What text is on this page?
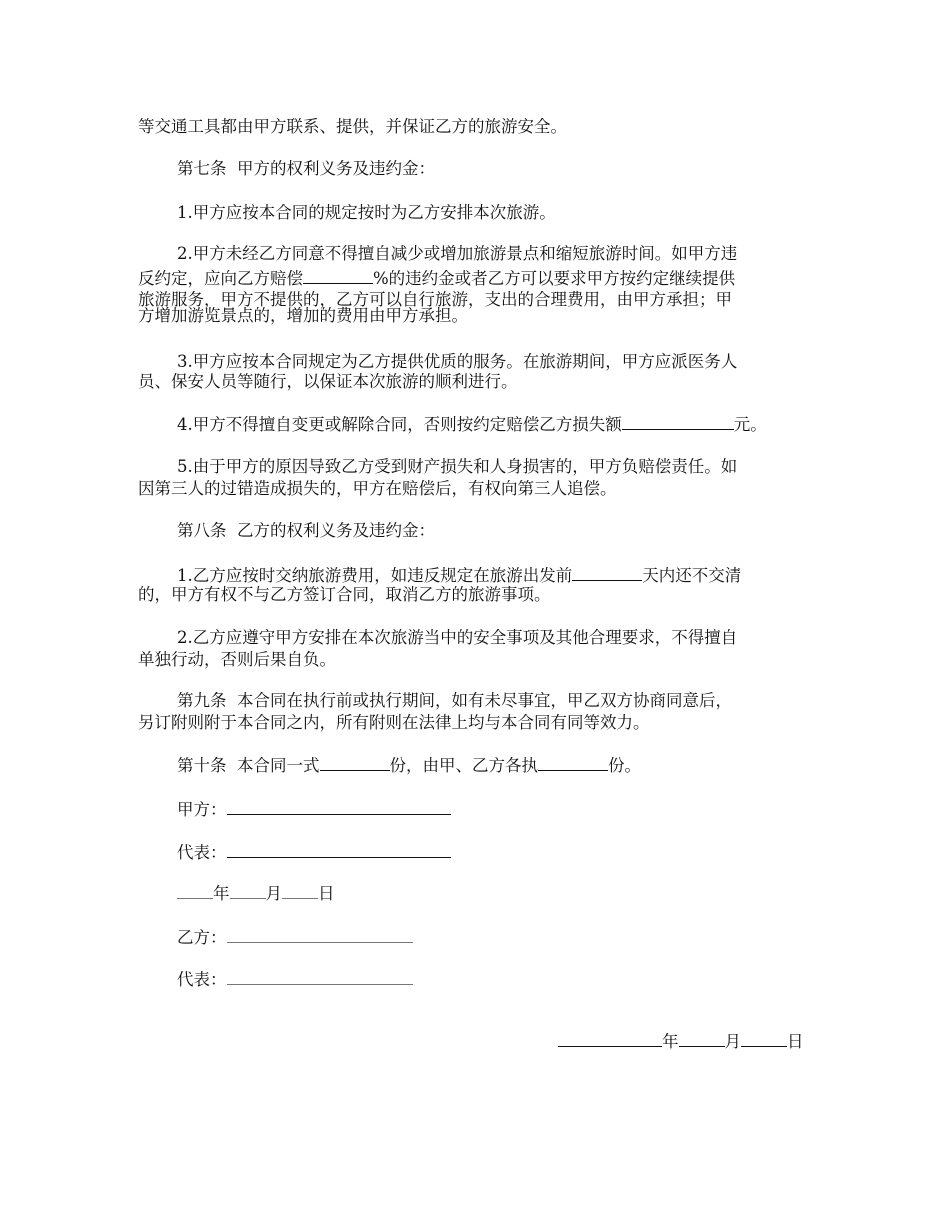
等交通工具都由甲方联系、提供，并保证乙方的旅游安全。
第七条  甲方的权利义务及违约金：
1.甲方应按本合同的规定按时为乙方安排本次旅游。
2.甲方未经乙方同意不得擅自减少或增加旅游景点和缩短旅游时间。如甲方违
反约定，应向乙方赔偿	%的违约金或者乙方可以要求甲方按约定继续提供
旅游服务，甲方不提供的，乙方可以自行旅游，支出的合理费用，由甲方承担；甲
方增加游览景点的，增加的费用由甲方承担。
3.甲方应按本合同规定为乙方提供优质的服务。在旅游期间，甲方应派医务人
员、保安人员等随行，以保证本次旅游的顺利进行。
4.甲方不得擅自变更或解除合同，否则按约定赔偿乙方损失额	元。
5.由于甲方的原因导致乙方受到财产损失和人身损害的，甲方负赔偿责任。如
因第三人的过错造成损失的，甲方在赔偿后，有权向第三人追偿。
第八条  乙方的权利义务及违约金：
1.乙方应按时交纳旅游费用，如违反规定在旅游出发前	天内还不交清
的，甲方有权不与乙方签订合同，取消乙方的旅游事项。
2.乙方应遵守甲方安排在本次旅游当中的安全事项及其他合理要求，不得擅自
单独行动，否则后果自负。
第九条  本合同在执行前或执行期间，如有未尽事宜，甲乙双方协商同意后，
另订附则附于本合同之内，所有附则在法律上均与本合同有同等效力。
第十条  本合同一式	份，由甲、乙方各执	份。
甲方：
代表：
年 月 日
乙方：
代表：
年	月	日
